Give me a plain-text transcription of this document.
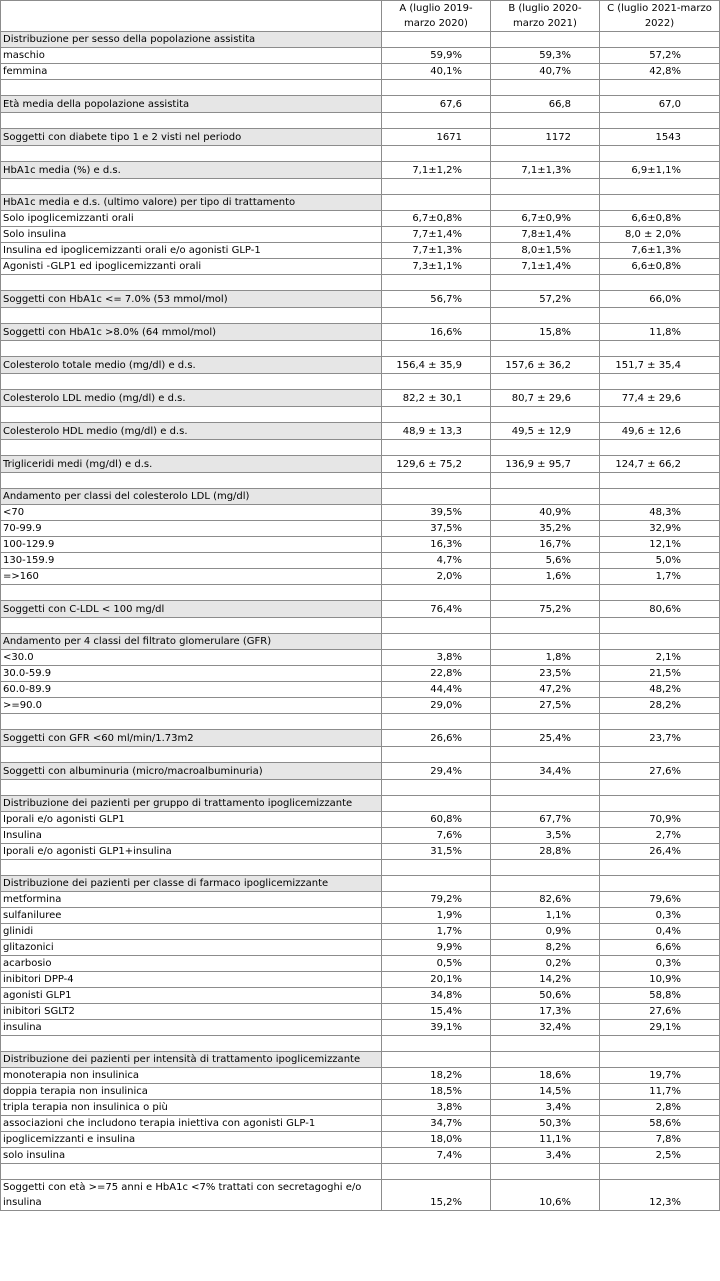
	A (luglio 2019-marzo 2020)	B (luglio 2020-marzo 2021)	C (luglio 2021-marzo 2022)
Distribuzione per sesso della popolazione assistita			
maschio	59,9%	59,3%	57,2%
femmina	40,1%	40,7%	42,8%

Età media della popolazione assistita	67,6	66,8	67,0

Soggetti con diabete tipo 1 e 2 visti nel periodo	1671	1172	1543

HbA1c media (%) e d.s.	7,1±1,2%	7,1±1,3%	6,9±1,1%

HbA1c media e d.s. (ultimo valore) per tipo di trattamento			
Solo ipoglicemizzanti orali	6,7±0,8%	6,7±0,9%	6,6±0,8%
Solo insulina	7,7±1,4%	7,8±1,4%	8,0 ± 2,0%
Insulina ed ipoglicemizzanti orali e/o agonisti GLP-1	7,7±1,3%	8,0±1,5%	7,6±1,3%
Agonisti -GLP1 ed ipoglicemizzanti orali	7,3±1,1%	7,1±1,4%	6,6±0,8%

Soggetti con HbA1c <= 7.0% (53 mmol/mol)	56,7%	57,2%	66,0%

Soggetti con HbA1c >8.0% (64 mmol/mol)	16,6%	15,8%	11,8%

Colesterolo totale medio (mg/dl) e d.s.	156,4 ± 35,9	157,6 ± 36,2	151,7 ± 35,4

Colesterolo LDL medio (mg/dl) e d.s.	82,2 ± 30,1	80,7 ± 29,6	77,4 ± 29,6

Colesterolo HDL medio (mg/dl) e d.s.	48,9 ± 13,3	49,5 ± 12,9	49,6 ± 12,6

Trigliceridi medi (mg/dl) e d.s.	129,6 ± 75,2	136,9 ± 95,7	124,7 ± 66,2

Andamento per classi del colesterolo LDL (mg/dl)			
<70	39,5%	40,9%	48,3%
70-99.9	37,5%	35,2%	32,9%
100-129.9	16,3%	16,7%	12,1%
130-159.9	4,7%	5,6%	5,0%
=>160	2,0%	1,6%	1,7%

Soggetti con C-LDL < 100 mg/dl	76,4%	75,2%	80,6%

Andamento per 4 classi del filtrato glomerulare (GFR)			
<30.0	3,8%	1,8%	2,1%
30.0-59.9	22,8%	23,5%	21,5%
60.0-89.9	44,4%	47,2%	48,2%
>=90.0	29,0%	27,5%	28,2%

Soggetti con GFR <60 ml/min/1.73m2	26,6%	25,4%	23,7%

Soggetti con albuminuria (micro/macroalbuminuria)	29,4%	34,4%	27,6%

Distribuzione dei pazienti per gruppo di trattamento ipoglicemizzante			
Iporali e/o agonisti GLP1	60,8%	67,7%	70,9%
Insulina	7,6%	3,5%	2,7%
Iporali e/o agonisti GLP1+insulina	31,5%	28,8%	26,4%

Distribuzione dei pazienti per classe di farmaco ipoglicemizzante			
metformina	79,2%	82,6%	79,6%
sulfaniluree	1,9%	1,1%	0,3%
glinidi	1,7%	0,9%	0,4%
glitazonici	9,9%	8,2%	6,6%
acarbosio	0,5%	0,2%	0,3%
inibitori DPP-4	20,1%	14,2%	10,9%
agonisti GLP1	34,8%	50,6%	58,8%
inibitori SGLT2	15,4%	17,3%	27,6%
insulina	39,1%	32,4%	29,1%

Distribuzione dei pazienti per intensità di trattamento ipoglicemizzante			
monoterapia non insulinica	18,2%	18,6%	19,7%
doppia terapia non insulinica	18,5%	14,5%	11,7%
tripla terapia non insulinica o più	3,8%	3,4%	2,8%
associazioni che includono terapia iniettiva con agonisti GLP-1	34,7%	50,3%	58,6%
ipoglicemizzanti e insulina	18,0%	11,1%	7,8%
solo insulina	7,4%	3,4%	2,5%

Soggetti con età >=75 anni e HbA1c <7% trattati con secretagoghi e/o insulina	15,2%	10,6%	12,3%
